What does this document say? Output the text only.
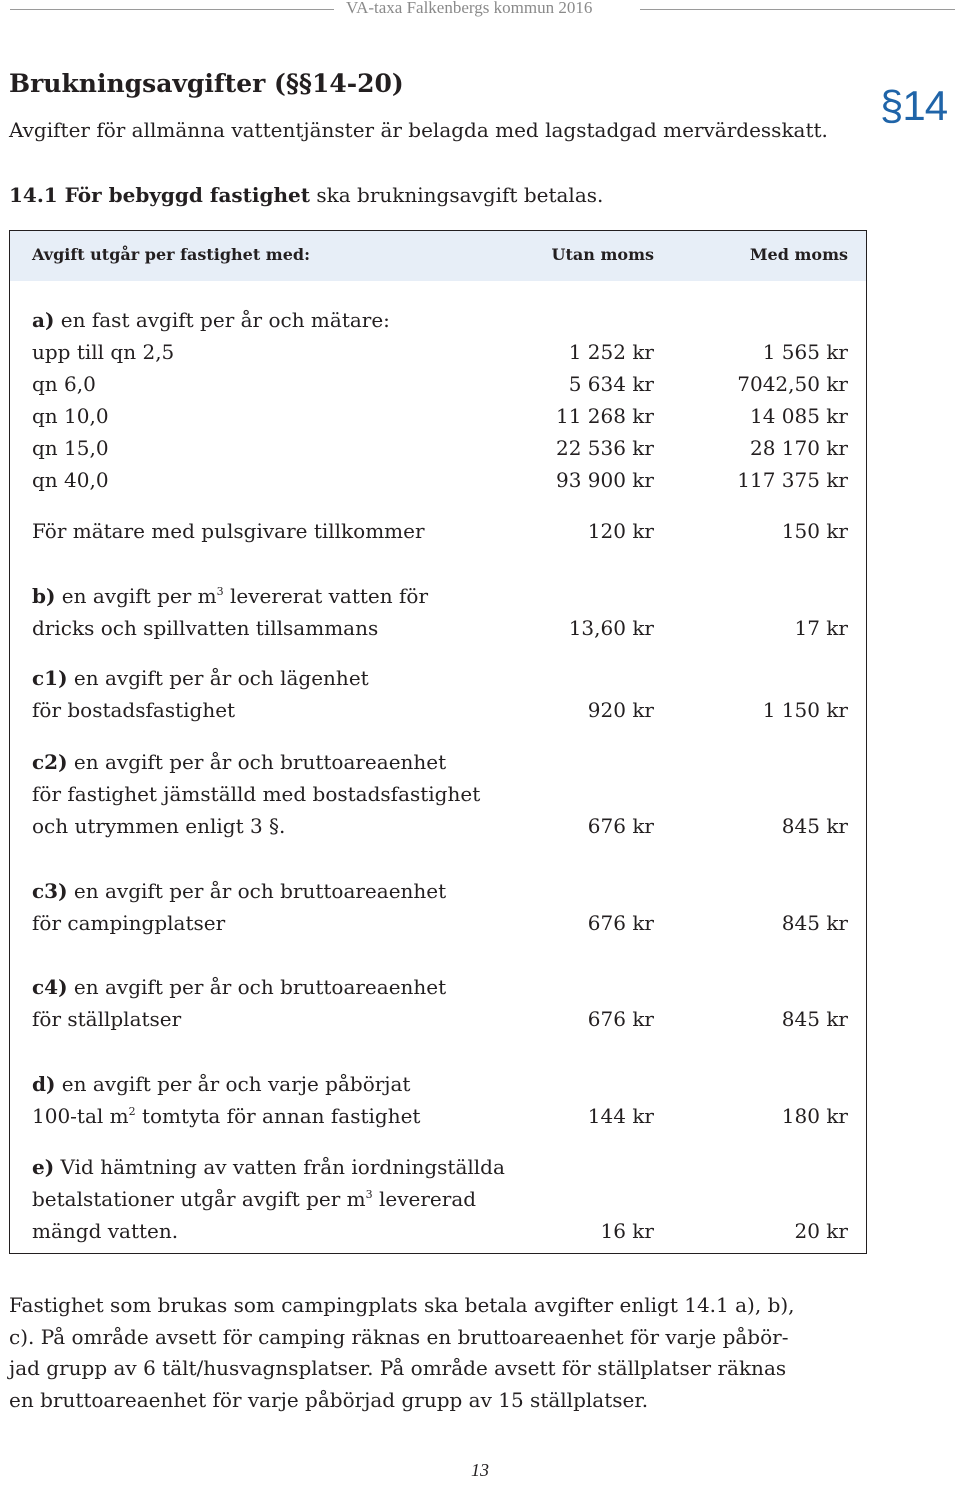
VA-taxa Falkenbergs kommun 2016
Brukningsavgifter (§§14-20)
Avgifter för allmänna vattentjänster är belagda med lagstadgad mervärdesskatt.
§14
14.1 För bebyggd fastighet ska brukningsavgift betalas.
Avgift utgår per fastighet med:	Utan moms	Med moms
a) en fast avgift per år och mätare:
upp till qn 2,5	1 252 kr	1 565 kr
qn 6,0	5 634 kr	7042,50 kr
qn 10,0	11 268 kr	14 085 kr
qn 15,0	22 536 kr	28 170 kr
qn 40,0	93 900 kr	117 375 kr
För mätare med pulsgivare tillkommer	120 kr	150 kr
b) en avgift per $m^3$ levererat vatten för
dricks och spillvatten tillsammans	13,60 kr	17 kr
c1) en avgift per år och lägenhet
för bostadsfastighet	920 kr	1 150 kr
c2) en avgift per år och bruttoareaenhet
för fastighet jämställd med bostadsfastighet
och utrymmen enligt 3 §.	676 kr	845 kr
c3) en avgift per år och bruttoareaenhet
för campingplatser	676 kr	845 kr
c4) en avgift per år och bruttoareaenhet
för ställplatser	676 kr	845 kr
d) en avgift per år och varje påbörjat
100-tal $m^2$ tomtyta för annan fastighet	144 kr	180 kr
e) Vid hämtning av vatten från iordningställda
betalstationer utgår avgift per $m^3$ levererad
mängd vatten.	16 kr	20 kr

Fastighet som brukas som campingplats ska betala avgifter enligt 14.1 a), b),

c). På område avsett för camping räknas en bruttoareaenhet för varje påbör-

jad grupp av 6 tält/husvagnsplatser. På område avsett för ställplatser räknas

en bruttoareaenhet för varje påbörjad grupp av 15 ställplatser.

13
